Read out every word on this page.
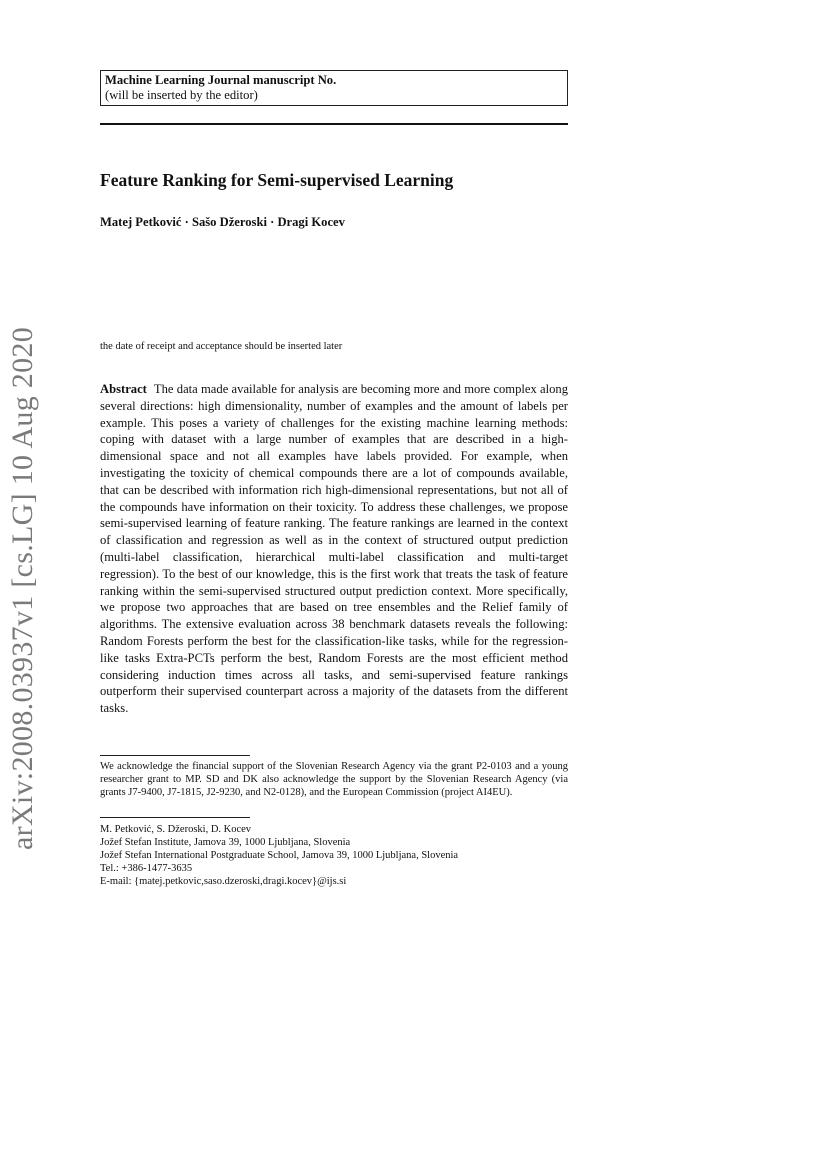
arXiv:2008.03937v1 [cs.LG] 10 Aug 2020
Machine Learning Journal manuscript No.
(will be inserted by the editor)
Feature Ranking for Semi-supervised Learning
Matej Petković · Sašo Džeroski · Dragi Kocev
the date of receipt and acceptance should be inserted later

Abstract The data made available for analysis are becoming more and more complex along several directions: high dimensionality, number of examples and the amount of labels per example. This poses a variety of challenges for the existing machine learning methods: coping with dataset with a large number of examples that are described in a high-dimensional space and not all examples have labels provided. For example, when investigating the toxicity of chemical compounds there are a lot of compounds available, that can be described with information rich high-dimensional representations, but not all of the compounds have information on their toxicity. To address these challenges, we propose semi-supervised learning of feature ranking. The feature rankings are learned in the context of classification and regression as well as in the context of structured output prediction (multi-label classification, hierarchical multi-label classification and multi-target regression). To the best of our knowledge, this is the first work that treats the task of feature ranking within the semi-supervised structured output prediction context. More specifically, we propose two approaches that are based on tree ensembles and the Relief family of algorithms. The extensive evaluation across 38 benchmark datasets reveals the following: Random Forests perform the best for the classification-like tasks, while for the regression-like tasks Extra-PCTs perform the best, Random Forests are the most efficient method considering induction times across all tasks, and semi-supervised feature rankings outperform their supervised counterpart across a majority of the datasets from the different tasks.

We acknowledge the financial support of the Slovenian Research Agency via the grant P2-0103 and a young researcher grant to MP. SD and DK also acknowledge the support by the Slovenian Research Agency (via grants J7-9400, J7-1815, J2-9230, and N2-0128), and the European Commission (project AI4EU).

M. Petković, S. Džeroski, D. Kocev
Jožef Stefan Institute, Jamova 39, 1000 Ljubljana, Slovenia
Jožef Stefan International Postgraduate School, Jamova 39, 1000 Ljubljana, Slovenia
Tel.: +386-1477-3635
E-mail: {matej.petkovic,saso.dzeroski,dragi.kocev}@ijs.si
